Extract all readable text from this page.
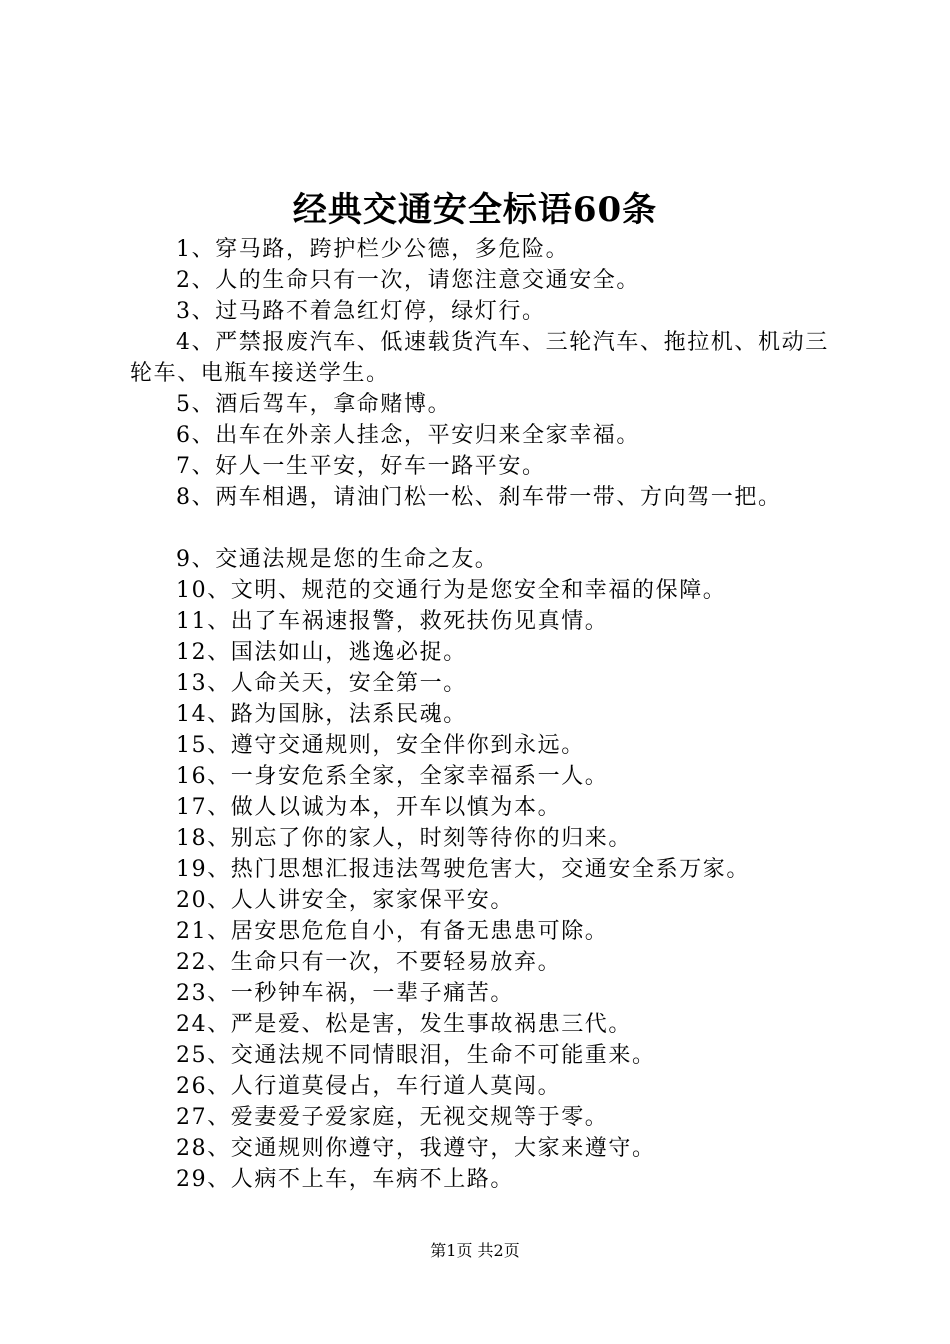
经典交通安全标语60条
1、穿马路，跨护栏少公德，多危险。
2、人的生命只有一次，请您注意交通安全。
3、过马路不着急红灯停，绿灯行。
4、严禁报废汽车、低速载货汽车、三轮汽车、拖拉机、机动三轮车、电瓶车接送学生。
5、酒后驾车，拿命赌博。
6、出车在外亲人挂念，平安归来全家幸福。
7、好人一生平安，好车一路平安。
8、两车相遇，请油门松一松、刹车带一带、方向驾一把。
9、交通法规是您的生命之友。
10、文明、规范的交通行为是您安全和幸福的保障。
11、出了车祸速报警，救死扶伤见真情。
12、国法如山，逃逸必捉。
13、人命关天，安全第一。
14、路为国脉，法系民魂。
15、遵守交通规则，安全伴你到永远。
16、一身安危系全家，全家幸福系一人。
17、做人以诚为本，开车以慎为本。
18、别忘了你的家人，时刻等待你的归来。
19、热门思想汇报违法驾驶危害大，交通安全系万家。
20、人人讲安全，家家保平安。
21、居安思危危自小，有备无患患可除。
22、生命只有一次，不要轻易放弃。
23、一秒钟车祸，一辈子痛苦。
24、严是爱、松是害，发生事故祸患三代。
25、交通法规不同情眼泪，生命不可能重来。
26、人行道莫侵占，车行道人莫闯。
27、爱妻爱子爱家庭，无视交规等于零。
28、交通规则你遵守，我遵守，大家来遵守。
29、人病不上车，车病不上路。
第1页 共2页
